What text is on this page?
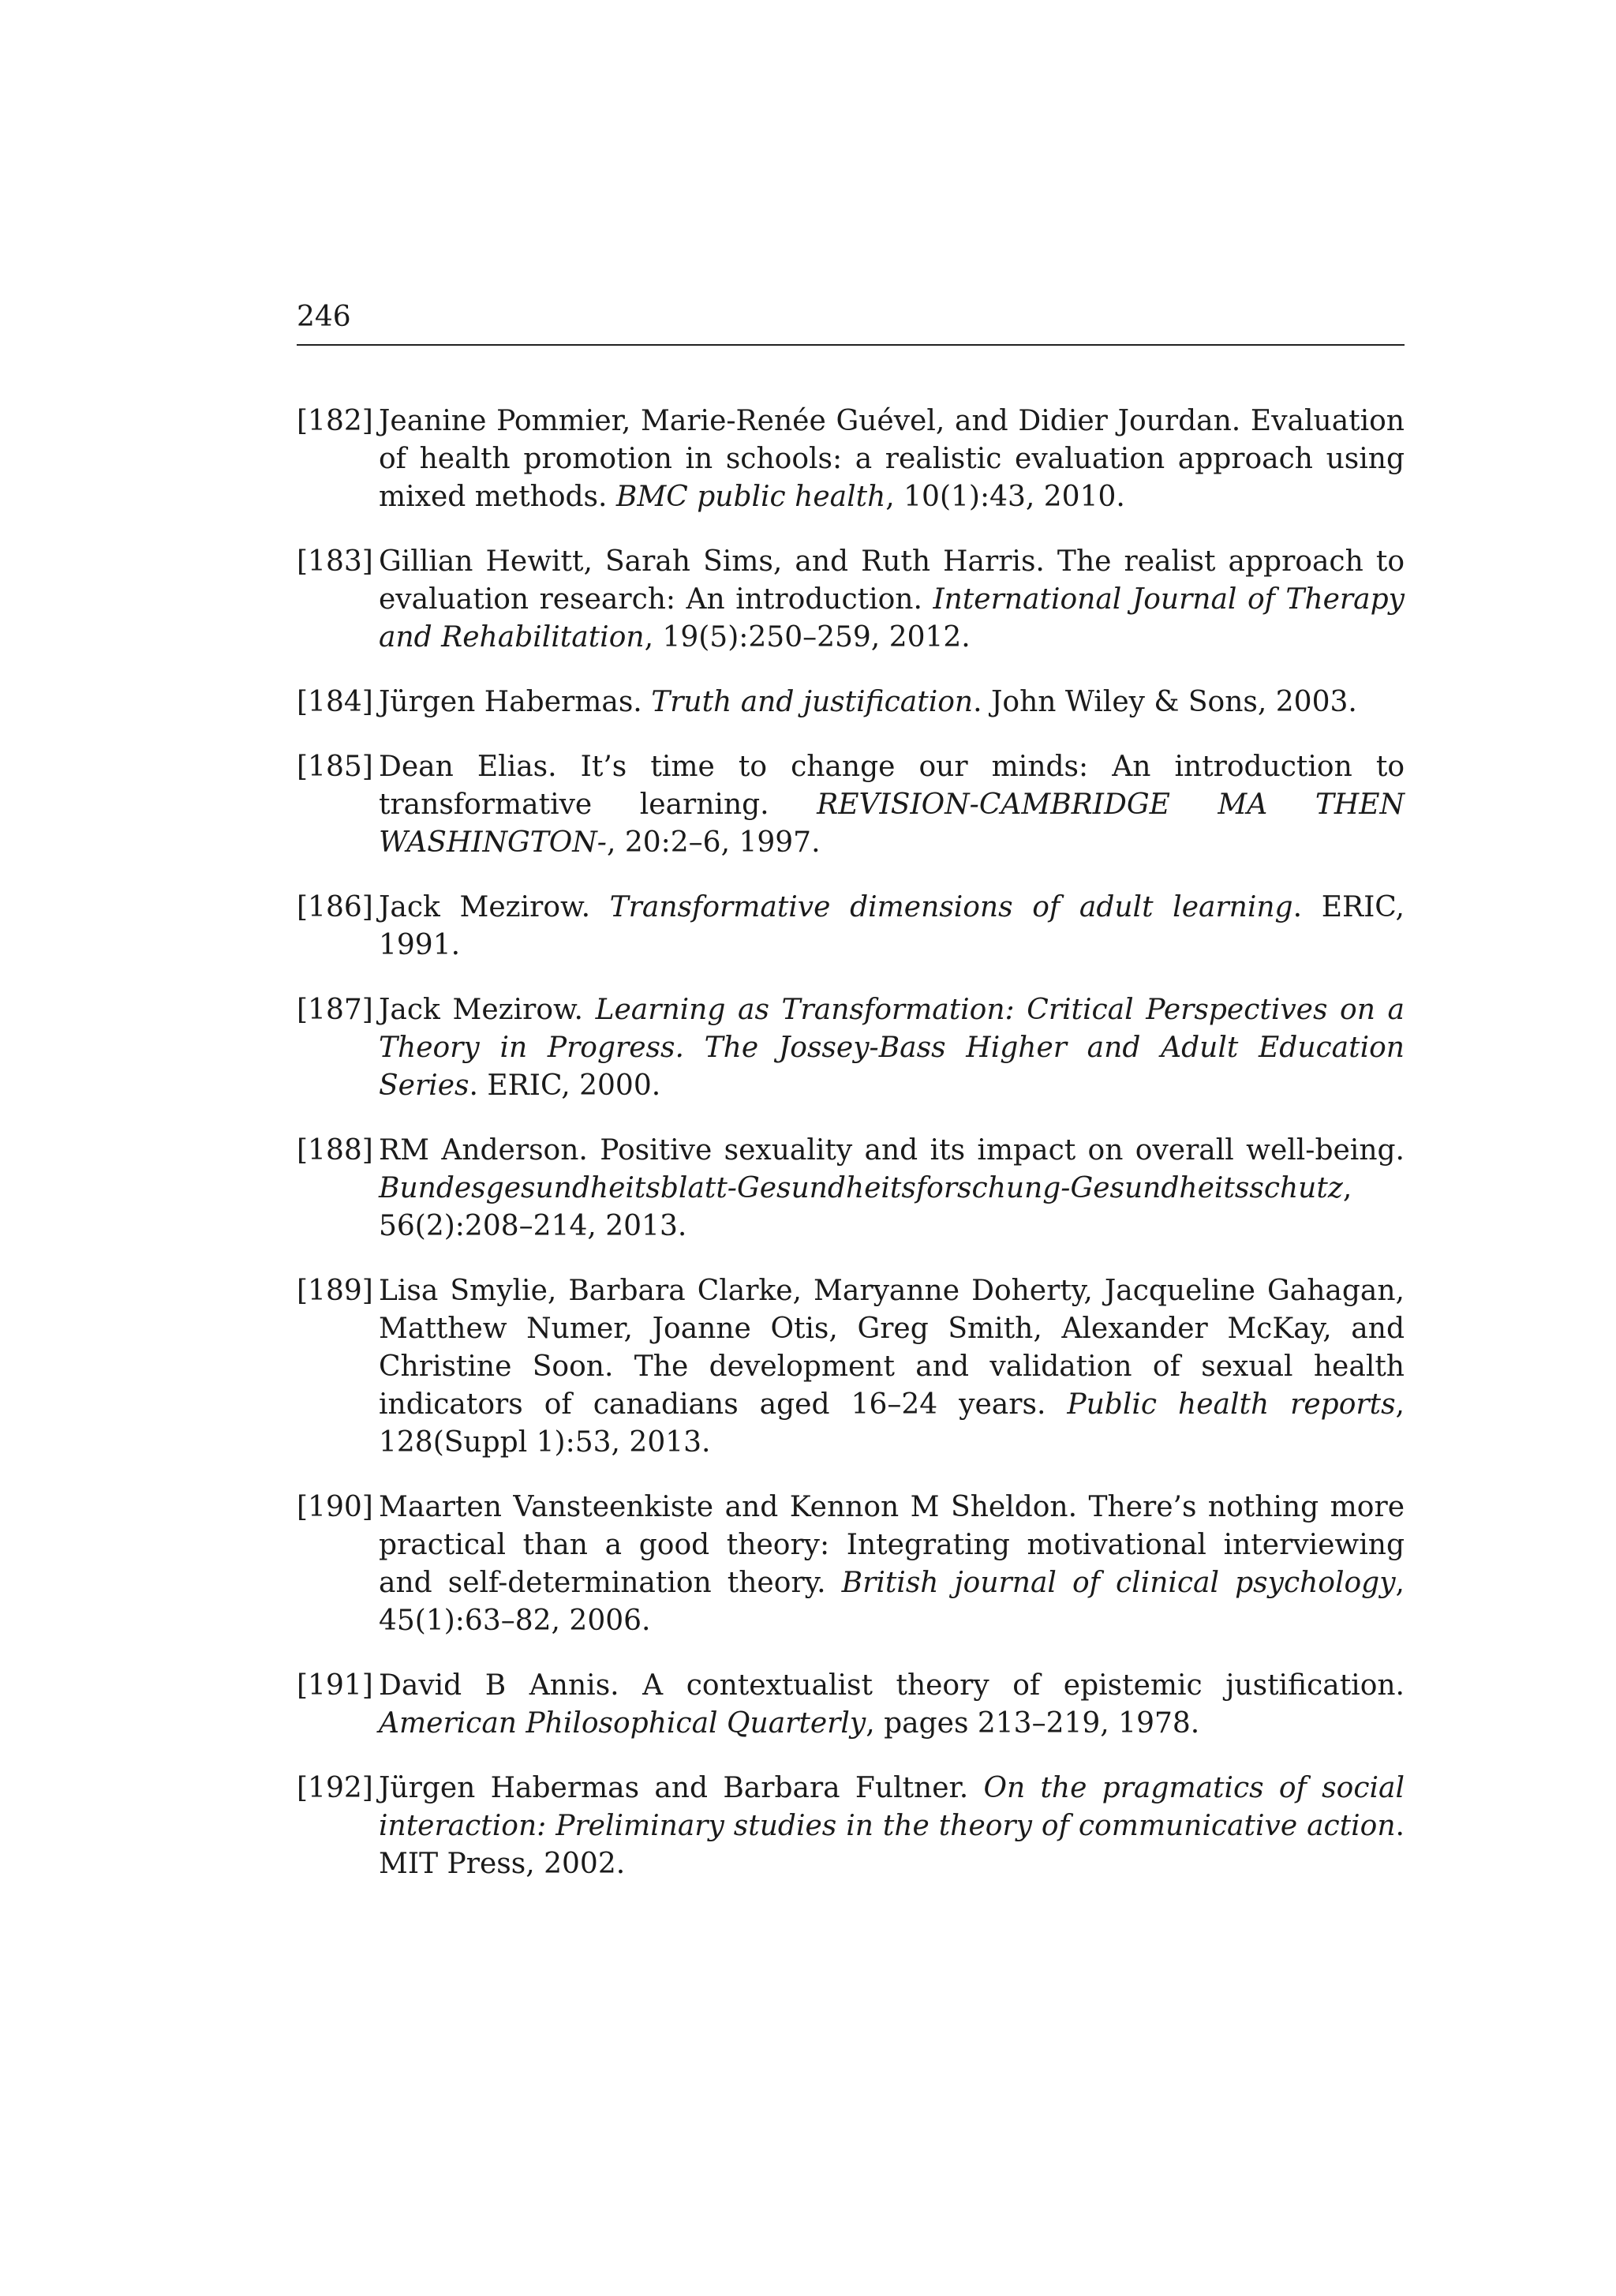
246
[182] Jeanine Pommier, Marie-Renée Guével, and Didier Jourdan. Evaluation of health promotion in schools: a realistic evaluation approach using mixed methods. BMC public health, 10(1):43, 2010.
[183] Gillian Hewitt, Sarah Sims, and Ruth Harris. The realist approach to evaluation research: An introduction. International Journal of Therapy and Rehabilitation, 19(5):250–259, 2012.
[184] Jürgen Habermas. Truth and justification. John Wiley & Sons, 2003.
[185] Dean Elias. It’s time to change our minds: An introduction to transformative learning. REVISION-CAMBRIDGE MA THEN WASHINGTON-, 20:2–6, 1997.
[186] Jack Mezirow. Transformative dimensions of adult learning. ERIC, 1991.
[187] Jack Mezirow. Learning as Transformation: Critical Perspectives on a Theory in Progress. The Jossey-Bass Higher and Adult Education Series. ERIC, 2000.
[188] RM Anderson. Positive sexuality and its impact on overall well-being. Bundesgesundheitsblatt-Gesundheitsforschung-Gesundheitsschutz, 56(2):208–214, 2013.
[189] Lisa Smylie, Barbara Clarke, Maryanne Doherty, Jacqueline Gahagan, Matthew Numer, Joanne Otis, Greg Smith, Alexander McKay, and Christine Soon. The development and validation of sexual health indicators of canadians aged 16–24 years. Public health reports, 128(Suppl 1):53, 2013.
[190] Maarten Vansteenkiste and Kennon M Sheldon. There’s nothing more practical than a good theory: Integrating motivational interviewing and self-determination theory. British journal of clinical psychology, 45(1):63–82, 2006.
[191] David B Annis. A contextualist theory of epistemic justification. American Philosophical Quarterly, pages 213–219, 1978.
[192] Jürgen Habermas and Barbara Fultner. On the pragmatics of social interaction: Preliminary studies in the theory of communicative action. MIT Press, 2002.
